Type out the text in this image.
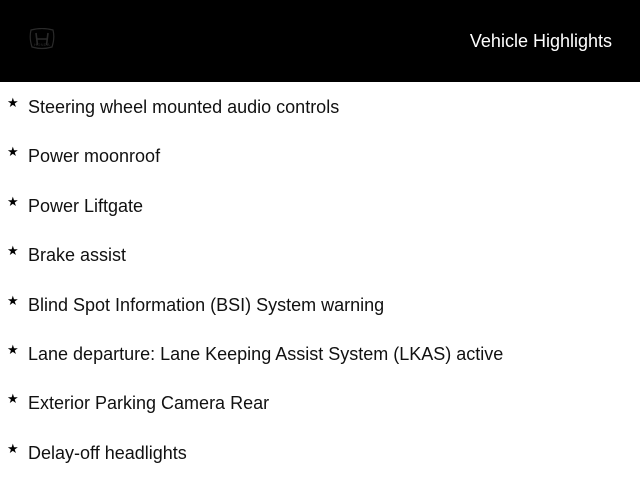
HONDA	Vehicle Highlights
★ Steering wheel mounted audio controls
★ Power moonroof
★ Power Liftgate
★ Brake assist
★ Blind Spot Information (BSI) System warning
★ Lane departure: Lane Keeping Assist System (LKAS) active
★ Exterior Parking Camera Rear
★ Delay-off headlights
